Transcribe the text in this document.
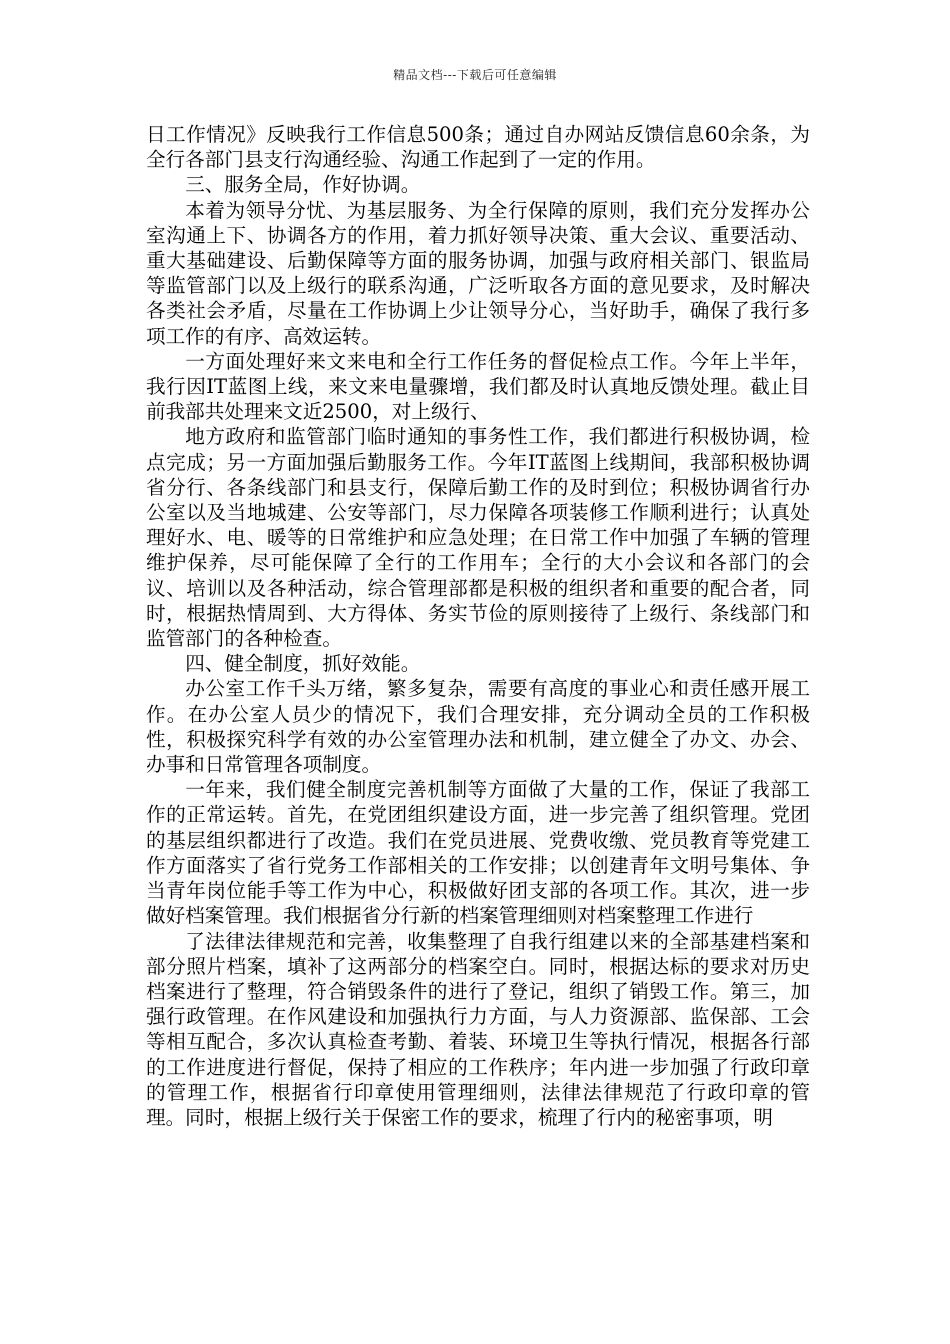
精品文档---下载后可任意编辑

日工作情况》反映我行工作信息500条；通过自办网站反馈信息60余条，为全行各部门县支行沟通经验、沟通工作起到了一定的作用。

三、服务全局，作好协调。

本着为领导分忧、为基层服务、为全行保障的原则，我们充分发挥办公室沟通上下、协调各方的作用，着力抓好领导决策、重大会议、重要活动、重大基础建设、后勤保障等方面的服务协调，加强与政府相关部门、银监局等监管部门以及上级行的联系沟通，广泛听取各方面的意见要求，及时解决各类社会矛盾，尽量在工作协调上少让领导分心，当好助手，确保了我行多项工作的有序、高效运转。

一方面处理好来文来电和全行工作任务的督促检点工作。今年上半年，我行因IT蓝图上线，来文来电量骤增，我们都及时认真地反馈处理。截止目前我部共处理来文近2500，对上级行、

地方政府和监管部门临时通知的事务性工作，我们都进行积极协调，检点完成；另一方面加强后勤服务工作。今年IT蓝图上线期间，我部积极协调省分行、各条线部门和县支行，保障后勤工作的及时到位；积极协调省行办公室以及当地城建、公安等部门，尽力保障各项装修工作顺利进行；认真处理好水、电、暖等的日常维护和应急处理；在日常工作中加强了车辆的管理维护保养，尽可能保障了全行的工作用车；全行的大小会议和各部门的会议、培训以及各种活动，综合管理部都是积极的组织者和重要的配合者，同时，根据热情周到、大方得体、务实节俭的原则接待了上级行、条线部门和监管部门的各种检查。

四、健全制度，抓好效能。

办公室工作千头万绪，繁多复杂，需要有高度的事业心和责任感开展工作。在办公室人员少的情况下，我们合理安排，充分调动全员的工作积极性，积极探究科学有效的办公室管理办法和机制，建立健全了办文、办会、办事和日常管理各项制度。

一年来，我们健全制度完善机制等方面做了大量的工作，保证了我部工作的正常运转。首先，在党团组织建设方面，进一步完善了组织管理。党团的基层组织都进行了改造。我们在党员进展、党费收缴、党员教育等党建工作方面落实了省行党务工作部相关的工作安排；以创建青年文明号集体、争当青年岗位能手等工作为中心，积极做好团支部的各项工作。其次，进一步做好档案管理。我们根据省分行新的档案管理细则对档案整理工作进行

了法律法律规范和完善，收集整理了自我行组建以来的全部基建档案和部分照片档案，填补了这两部分的档案空白。同时，根据达标的要求对历史档案进行了整理，符合销毁条件的进行了登记，组织了销毁工作。第三，加强行政管理。在作风建设和加强执行力方面，与人力资源部、监保部、工会等相互配合，多次认真检查考勤、着装、环境卫生等执行情况，根据各行部的工作进度进行督促，保持了相应的工作秩序；年内进一步加强了行政印章的管理工作，根据省行印章使用管理细则，法律法律规范了行政印章的管理。同时，根据上级行关于保密工作的要求，梳理了行内的秘密事项，明
